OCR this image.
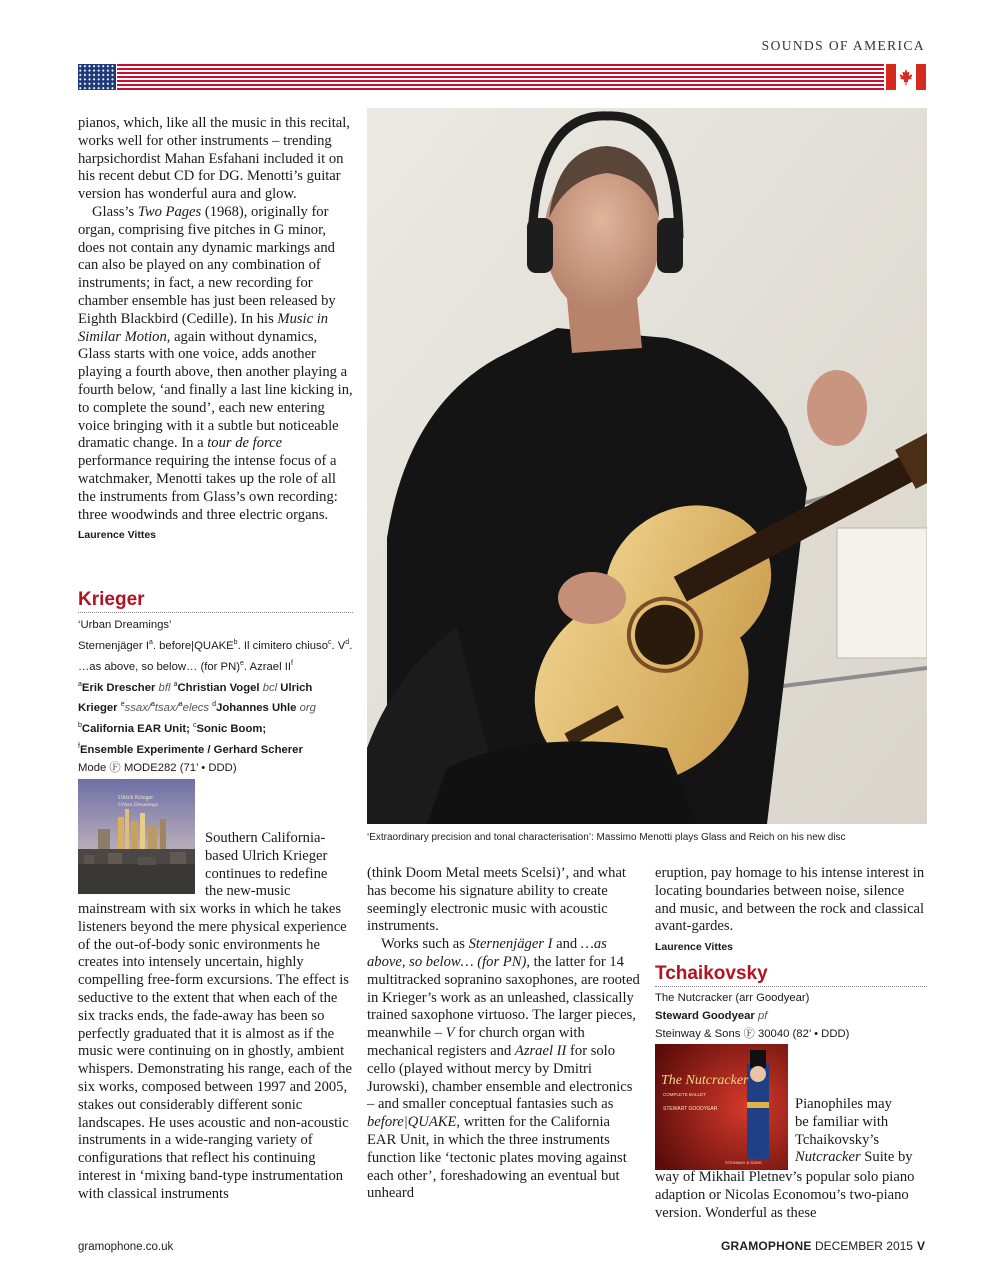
SOUNDS OF AMERICA

pianos, which, like all the music in this recital, works well for other instruments – trending harpsichordist Mahan Esfahani included it on his recent debut CD for DG. Menotti’s guitar version has wonderful aura and glow.

Glass’s Two Pages (1968), originally for organ, comprising five pitches in G minor, does not contain any dynamic markings and can also be played on any combination of instruments; in fact, a new recording for chamber ensemble has just been released by Eighth Blackbird (Cedille). In his Music in Similar Motion, again without dynamics, Glass starts with one voice, adds another playing a fourth above, then another playing a fourth below, ‘and finally a last line kicking in, to complete the sound’, each new entering voice bringing with it a subtle but noticeable dramatic change. In a tour de force performance requiring the intense focus of a watchmaker, Menotti takes up the role of all the instruments from Glass’s own recording: three woodwinds and three electric organs.

Laurence Vittes
Krieger
‘Urban Dreamings’
Sternenjäger $I^a$. before|QUAKE$^b$. Il cimitero chiuso$^c$. $V^d$. …as above, so below… (for PN)$^e$. Azrael $II^f$
$^a$Erik Drescher bfl $^a$Christian Vogel bcl Ulrich Krieger $^e$ssax/$^a$tsax/$^a$elecs $^d$Johannes Uhle org
$^b$California EAR Unit; $^c$Sonic Boom;
$^f$Ensemble Experimente / Gerhard Scherer
Mode Ⓕ MODE282 (71’ • DDD)
Ulrich Krieger
Urban Dreamings
Southern California-
based Ulrich Krieger
continues to redefine
the new-music

mainstream with six works in which he takes listeners beyond the mere physical experience of the out-of-body sonic environments he creates into intensely uncertain, highly compelling free-form excursions. The effect is seductive to the extent that when each of the six tracks ends, the fade-away has been so perfectly graduated that it is almost as if the music were continuing on in ghostly, ambient whispers. Demonstrating his range, each of the six works, composed between 1997 and 2005, stakes out considerably different sonic landscapes. He uses acoustic and non-acoustic instruments in a wide-ranging variety of configurations that reflect his continuing interest in ‘mixing band-type instrumentation with classical instruments

‘Extraordinary precision and tonal characterisation’: Massimo Menotti plays Glass and Reich on his new disc

(think Doom Metal meets Scelsi)’, and what has become his signature ability to create seemingly electronic music with acoustic instruments.

Works such as Sternenjäger I and …as above, so below… (for PN), the latter for 14 multitracked sopranino saxophones, are rooted in Krieger’s work as an unleashed, classically trained saxophone virtuoso. The larger pieces, meanwhile – V for church organ with mechanical registers and Azrael II for solo cello (played without mercy by Dmitri Jurowski), chamber ensemble and electronics – and smaller conceptual fantasies such as before|QUAKE, written for the California EAR Unit, in which the three instruments function like ‘tectonic plates moving against each other’, foreshadowing an eventual but unheard

eruption, pay homage to his intense interest in locating boundaries between noise, silence and music, and between the rock and classical avant-gardes.

Laurence Vittes
Tchaikovsky
The Nutcracker (arr Goodyear)
Steward Goodyear pf
Steinway & Sons Ⓕ 30040 (82’ • DDD)
The Nutcracker
COMPLETE BALLET
STEWART GOODYEAR
STEINWAY & SONS
Pianophiles may
be familiar with
Tchaikovsky’s
Nutcracker Suite by

way of Mikhail Pletnev’s popular solo piano adaption or Nicolas Economou’s two-piano version. Wonderful as these

gramophone.co.uk	GRAMOPHONE DECEMBER 2015 V
